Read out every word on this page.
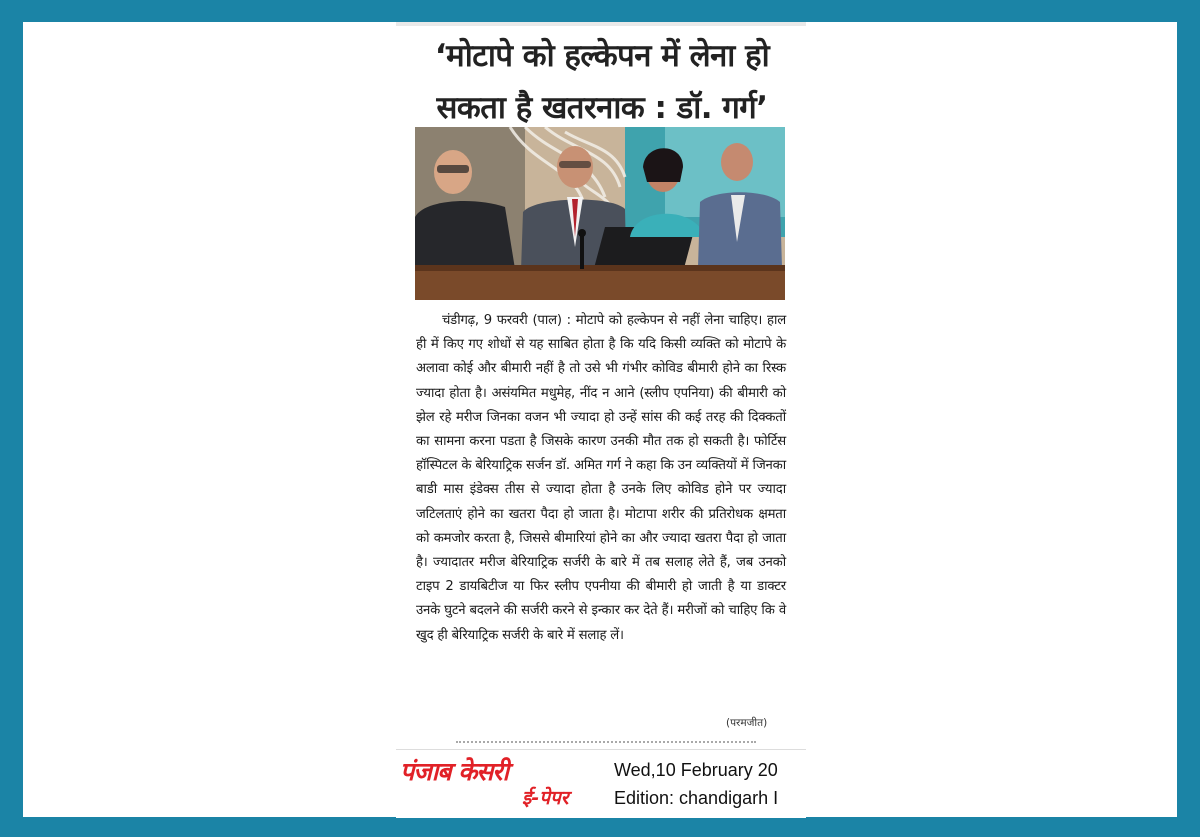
‘मोटापे को हल्केपन में लेना हो सकता है खतरनाक : डॉ. गर्ग’
चंडीगढ़, 9 फरवरी (पाल) : मोटापे को हल्केपन से नहीं लेना चाहिए। हाल ही में किए गए शोधों से यह साबित होता है कि यदि किसी व्यक्ति को मोटापे के अलावा कोई और बीमारी नहीं है तो उसे भी गंभीर कोविड बीमारी होने का रिस्क ज्यादा होता है। असंयमित मधुमेह, नींद न आने (स्लीप एपनिया) की बीमारी को झेल रहे मरीज जिनका वजन भी ज्यादा हो उन्हें सांस की कई तरह की दिक्कतों का सामना करना पडता है जिसके कारण उनकी मौत तक हो सकती है। फोर्टिस हॉस्पिटल के बेरियाट्रिक सर्जन डॉ. अमित गर्ग ने कहा कि उन व्यक्तियों में जिनका बाडी मास इंडेक्स तीस से ज्यादा होता है उनके लिए कोविड होने पर ज्यादा जटिलताएं होने का खतरा पैदा हो जाता है। मोटापा शरीर की प्रतिरोधक क्षमता को कमजोर करता है, जिससे बीमारियां होने का और ज्यादा खतरा पैदा हो जाता है। ज्यादातर मरीज बेरियाट्रिक सर्जरी के बारे में तब सलाह लेते हैं, जब उनको टाइप 2 डायबिटीज या फिर स्लीप एपनीया की बीमारी हो जाती है या डाक्टर उनके घुटने बदलने की सर्जरी करने से इन्कार कर देते हैं। मरीजों को चाहिए कि वे खुद ही बेरियाट्रिक सर्जरी के बारे में सलाह लें।
(परमजीत)
पंजाब केसरी
ई-पेपर
Wed,10 February 20
Edition: chandigarh I
